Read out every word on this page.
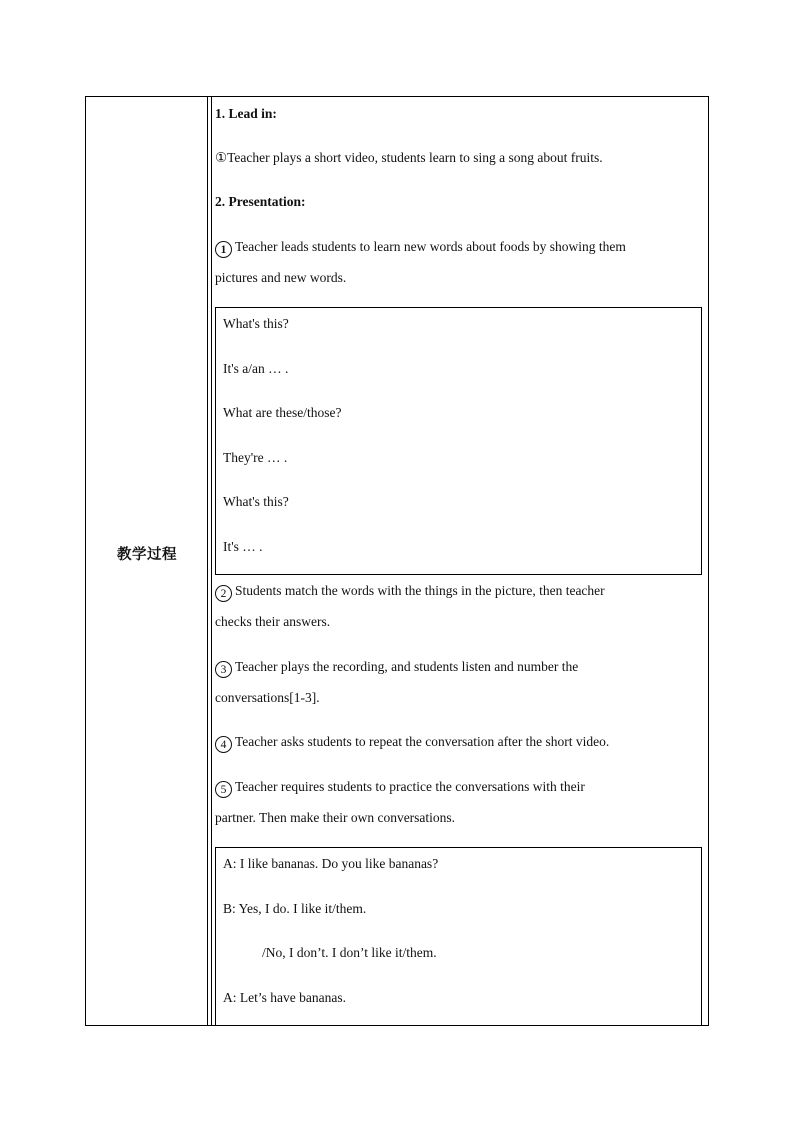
教学过程
1. Lead in:
①Teacher plays a short video, students learn to sing a song about fruits.
2. Presentation:
1 Teacher leads students to learn new words about foods by showing them
pictures and new words.
What's this?
It's a/an … .
What are these/those?
They're … .
What's this?
It's … .
2 Students match the words with the things in the picture, then teacher
checks their answers.
3 Teacher plays the recording, and students listen and number the
conversations[1-3].
4 Teacher asks students to repeat the conversation after the short video.
5 Teacher requires students to practice the conversations with their
partner. Then make their own conversations.
A: I like bananas. Do you like bananas?
B: Yes, I do. I like it/them.
/No, I don’t. I don’t like it/them.
A: Let’s have bananas.
